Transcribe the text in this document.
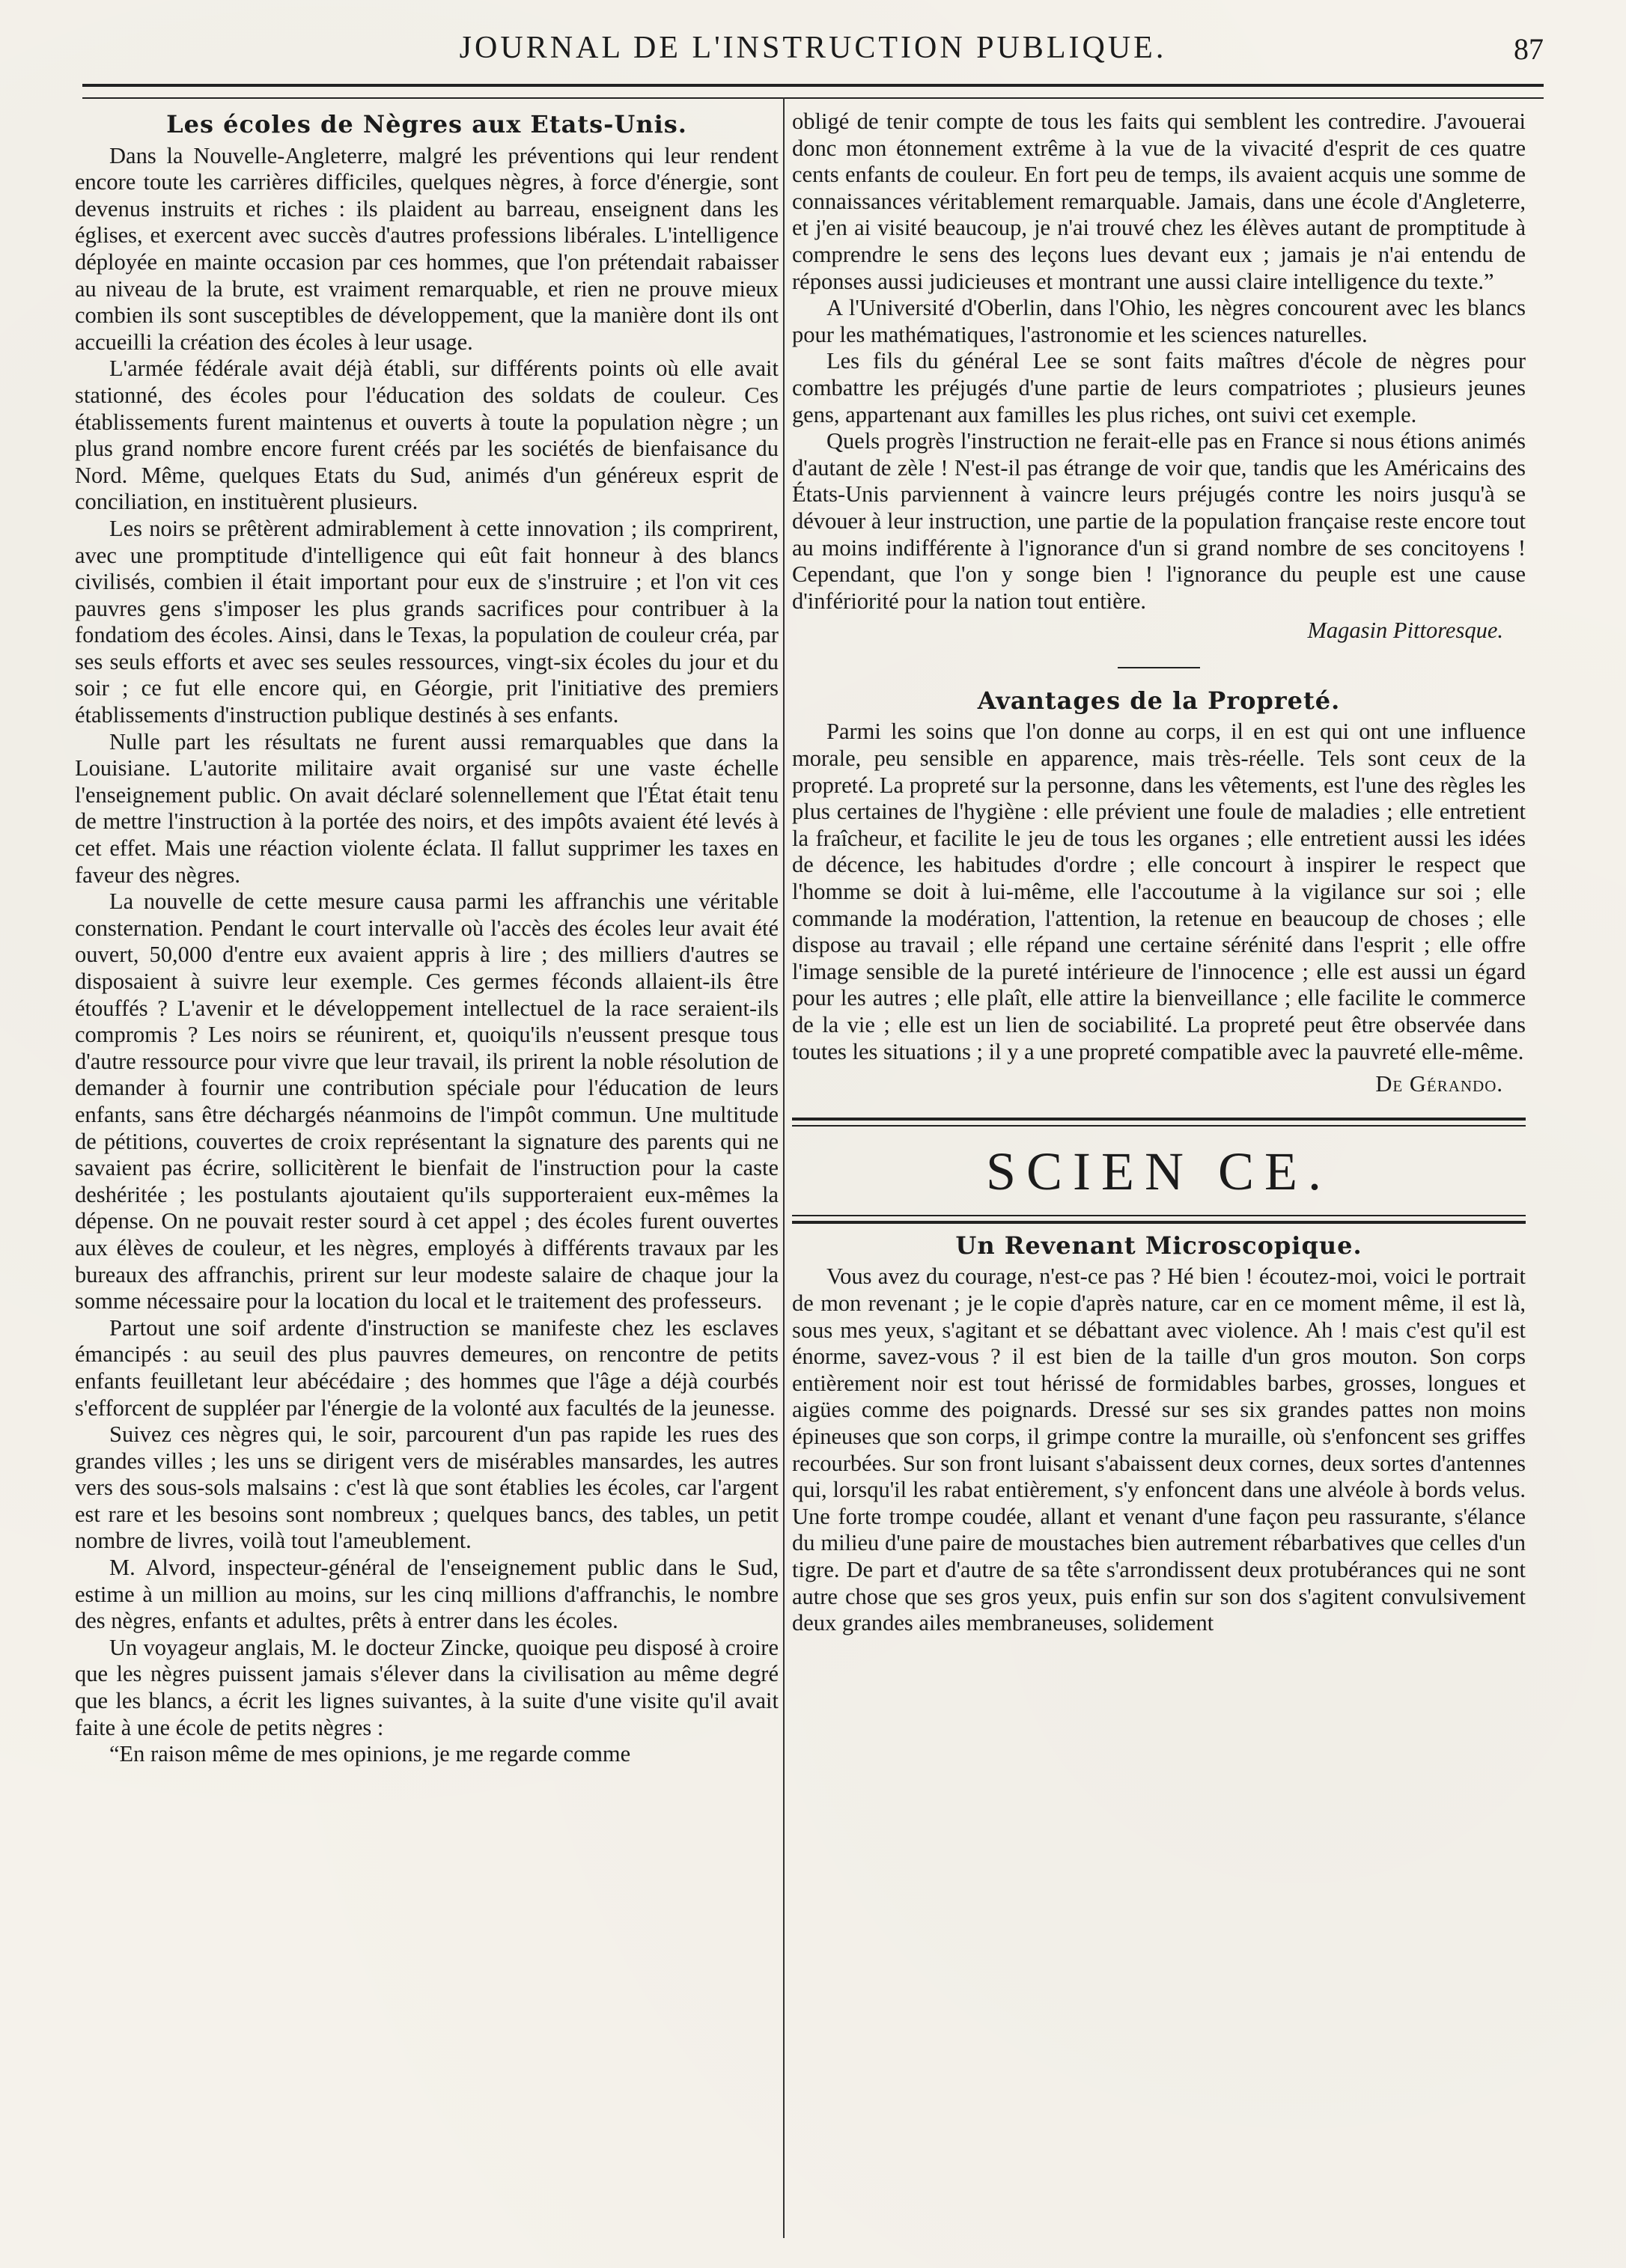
JOURNAL DE L'INSTRUCTION PUBLIQUE.	87
Les écoles de Nègres aux Etats-Unis.

Dans la Nouvelle-Angleterre, malgré les préventions qui leur rendent encore toute les carrières difficiles, quelques nègres, à force d'énergie, sont devenus instruits et riches : ils plaident au barreau, enseignent dans les églises, et exercent avec succès d'autres professions libérales. L'intelligence déployée en mainte occasion par ces hommes, que l'on prétendait rabaisser au niveau de la brute, est vraiment remarquable, et rien ne prouve mieux combien ils sont susceptibles de développement, que la manière dont ils ont accueilli la création des écoles à leur usage.

L'armée fédérale avait déjà établi, sur différents points où elle avait stationné, des écoles pour l'éducation des soldats de couleur. Ces établissements furent maintenus et ouverts à toute la population nègre ; un plus grand nombre encore furent créés par les sociétés de bienfaisance du Nord. Même, quelques Etats du Sud, animés d'un généreux esprit de conciliation, en instituèrent plusieurs.

Les noirs se prêtèrent admirablement à cette innovation ; ils comprirent, avec une promptitude d'intelligence qui eût fait honneur à des blancs civilisés, combien il était important pour eux de s'instruire ; et l'on vit ces pauvres gens s'imposer les plus grands sacrifices pour contribuer à la fondatiom des écoles. Ainsi, dans le Texas, la population de couleur créa, par ses seuls efforts et avec ses seules ressources, vingt-six écoles du jour et du soir ; ce fut elle encore qui, en Géorgie, prit l'initiative des premiers établissements d'instruction publique destinés à ses enfants.

Nulle part les résultats ne furent aussi remarquables que dans la Louisiane. L'autorite militaire avait organisé sur une vaste échelle l'enseignement public. On avait déclaré solennellement que l'État était tenu de mettre l'instruction à la portée des noirs, et des impôts avaient été levés à cet effet. Mais une réaction violente éclata. Il fallut supprimer les taxes en faveur des nègres.

La nouvelle de cette mesure causa parmi les affranchis une véritable consternation. Pendant le court intervalle où l'accès des écoles leur avait été ouvert, 50,000 d'entre eux avaient appris à lire ; des milliers d'autres se disposaient à suivre leur exemple. Ces germes féconds allaient-ils être étouffés ? L'avenir et le développement intellectuel de la race seraient-ils compromis ? Les noirs se réunirent, et, quoiqu'ils n'eussent presque tous d'autre ressource pour vivre que leur travail, ils prirent la noble résolution de demander à fournir une contribution spéciale pour l'éducation de leurs enfants, sans être déchargés néanmoins de l'impôt commun. Une multitude de pétitions, couvertes de croix représentant la signature des parents qui ne savaient pas écrire, sollicitèrent le bienfait de l'instruction pour la caste deshéritée ; les postulants ajoutaient qu'ils supporteraient eux-mêmes la dépense. On ne pouvait rester sourd à cet appel ; des écoles furent ouvertes aux élèves de couleur, et les nègres, employés à différents travaux par les bureaux des affranchis, prirent sur leur modeste salaire de chaque jour la somme nécessaire pour la location du local et le traitement des professeurs.

Partout une soif ardente d'instruction se manifeste chez les esclaves émancipés : au seuil des plus pauvres demeures, on rencontre de petits enfants feuilletant leur abécédaire ; des hommes que l'âge a déjà courbés s'efforcent de suppléer par l'énergie de la volonté aux facultés de la jeunesse.

Suivez ces nègres qui, le soir, parcourent d'un pas rapide les rues des grandes villes ; les uns se dirigent vers de misérables mansardes, les autres vers des sous-sols malsains : c'est là que sont établies les écoles, car l'argent est rare et les besoins sont nombreux ; quelques bancs, des tables, un petit nombre de livres, voilà tout l'ameublement.

M. Alvord, inspecteur-général de l'enseignement public dans le Sud, estime à un million au moins, sur les cinq millions d'affranchis, le nombre des nègres, enfants et adultes, prêts à entrer dans les écoles.

Un voyageur anglais, M. le docteur Zincke, quoique peu disposé à croire que les nègres puissent jamais s'élever dans la civilisation au même degré que les blancs, a écrit les lignes suivantes, à la suite d'une visite qu'il avait faite à une école de petits nègres :

“En raison même de mes opinions, je me regarde comme

obligé de tenir compte de tous les faits qui semblent les contredire. J'avouerai donc mon étonnement extrême à la vue de la vivacité d'esprit de ces quatre cents enfants de couleur. En fort peu de temps, ils avaient acquis une somme de connaissances véritablement remarquable. Jamais, dans une école d'Angleterre, et j'en ai visité beaucoup, je n'ai trouvé chez les élèves autant de promptitude à comprendre le sens des leçons lues devant eux ; jamais je n'ai entendu de réponses aussi judicieuses et montrant une aussi claire intelligence du texte.”

A l'Université d'Oberlin, dans l'Ohio, les nègres concourent avec les blancs pour les mathématiques, l'astronomie et les sciences naturelles.

Les fils du général Lee se sont faits maîtres d'école de nègres pour combattre les préjugés d'une partie de leurs compatriotes ; plusieurs jeunes gens, appartenant aux familles les plus riches, ont suivi cet exemple.

Quels progrès l'instruction ne ferait-elle pas en France si nous étions animés d'autant de zèle ! N'est-il pas étrange de voir que, tandis que les Américains des États-Unis parviennent à vaincre leurs préjugés contre les noirs jusqu'à se dévouer à leur instruction, une partie de la population française reste encore tout au moins indifférente à l'ignorance d'un si grand nombre de ses concitoyens ! Cependant, que l'on y songe bien ! l'ignorance du peuple est une cause d'infériorité pour la nation tout entière.

Magasin Pittoresque.
Avantages de la Propreté.

Parmi les soins que l'on donne au corps, il en est qui ont une influence morale, peu sensible en apparence, mais très-réelle. Tels sont ceux de la propreté. La propreté sur la personne, dans les vêtements, est l'une des règles les plus certaines de l'hygiène : elle prévient une foule de maladies ; elle entretient la fraîcheur, et facilite le jeu de tous les organes ; elle entretient aussi les idées de décence, les habitudes d'ordre ; elle concourt à inspirer le respect que l'homme se doit à lui-même, elle l'accoutume à la vigilance sur soi ; elle commande la modération, l'attention, la retenue en beaucoup de choses ; elle dispose au travail ; elle répand une certaine sérénité dans l'esprit ; elle offre l'image sensible de la pureté intérieure de l'innocence ; elle est aussi un égard pour les autres ; elle plaît, elle attire la bienveillance ; elle facilite le commerce de la vie ; elle est un lien de sociabilité. La propreté peut être observée dans toutes les situations ; il y a une propreté compatible avec la pauvreté elle-même.

De Gérando.
SCIEN CE.
Un Revenant Microscopique.

Vous avez du courage, n'est-ce pas ? Hé bien ! écoutez-moi, voici le portrait de mon revenant ; je le copie d'après nature, car en ce moment même, il est là, sous mes yeux, s'agitant et se débattant avec violence. Ah ! mais c'est qu'il est énorme, savez-vous ? il est bien de la taille d'un gros mouton. Son corps entièrement noir est tout hérissé de formidables barbes, grosses, longues et aigües comme des poignards. Dressé sur ses six grandes pattes non moins épineuses que son corps, il grimpe contre la muraille, où s'enfoncent ses griffes recourbées. Sur son front luisant s'abaissent deux cornes, deux sortes d'antennes qui, lorsqu'il les rabat entièrement, s'y enfoncent dans une alvéole à bords velus. Une forte trompe coudée, allant et venant d'une façon peu rassurante, s'élance du milieu d'une paire de moustaches bien autrement rébarbatives que celles d'un tigre. De part et d'autre de sa tête s'arrondissent deux protubérances qui ne sont autre chose que ses gros yeux, puis enfin sur son dos s'agitent convulsivement deux grandes ailes membraneuses, solidement
